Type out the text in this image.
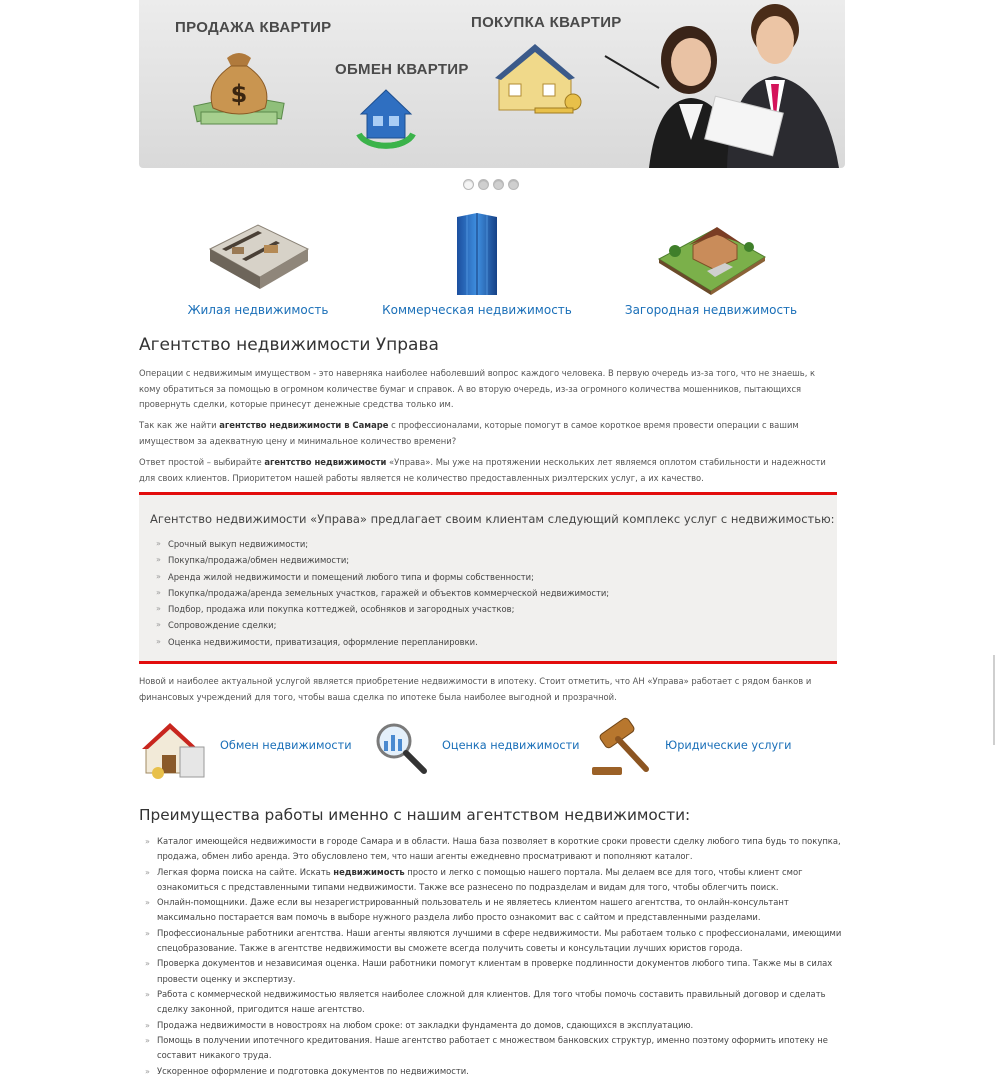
ПРОДАЖА КВАРТИР
ОБМЕН КВАРТИР
ПОКУПКА КВАРТИР
$
Жилая недвижимость	Коммерческая недвижимость	Загородная недвижимость
Агентство недвижимости Управа

Операции с недвижимым имуществом - это наверняка наиболее наболевший вопрос каждого человека. В первую очередь из-за того, что не знаешь, к кому обратиться за помощью в огромном количестве бумаг и справок. А во вторую очередь, из-за огромного количества мошенников, пытающихся провернуть сделки, которые принесут денежные средства только им.

Так как же найти агентство недвижимости в Самаре с профессионалами, которые помогут в самое короткое время провести операции с вашим имуществом за адекватную цену и минимальное количество времени?

Ответ простой – выбирайте агентство недвижимости «Управа». Мы уже на протяжении нескольких лет являемся оплотом стабильности и надежности для своих клиентов. Приоритетом нашей работы является не количество предоставленных риэлтерских услуг, а их качество.

Агентство недвижимости «Управа» предлагает своим клиентам следующий комплекс услуг с недвижимостью:
» Срочный выкуп недвижимости;
» Покупка/продажа/обмен недвижимости;
» Аренда жилой недвижимости и помещений любого типа и формы собственности;
» Покупка/продажа/аренда земельных участков, гаражей и объектов коммерческой недвижимости;
» Подбор, продажа или покупка коттеджей, особняков и загородных участков;
» Сопровождение сделки;
» Оценка недвижимости, приватизация, оформление перепланировки.

Новой и наиболее актуальной услугой является приобретение недвижимости в ипотеку. Стоит отметить, что АН «Управа» работает с рядом банков и финансовых учреждений для того, чтобы ваша сделка по ипотеке была наиболее выгодной и прозрачной.

Обмен недвижимости	Оценка недвижимости	Юридические услуги
Преимущества работы именно с нашим агентством недвижимости:
» Каталог имеющейся недвижимости в городе Самара и в области. Наша база позволяет в короткие сроки провести сделку любого типа будь то покупка, продажа, обмен либо аренда. Это обусловлено тем, что наши агенты ежедневно просматривают и пополняют каталог.
» Легкая форма поиска на сайте. Искать недвижимость просто и легко с помощью нашего портала. Мы делаем все для того, чтобы клиент смог ознакомиться с представленными типами недвижимости. Также все разнесено по подразделам и видам для того, чтобы облегчить поиск.
» Онлайн-помощники. Даже если вы незарегистрированный пользователь и не являетесь клиентом нашего агентства, то онлайн-консультант максимально постарается вам помочь в выборе нужного раздела либо просто ознакомит вас с сайтом и представленными разделами.
» Профессиональные работники агентства. Наши агенты являются лучшими в сфере недвижимости. Мы работаем только с профессионалами, имеющими спецобразование. Также в агентстве недвижимости вы сможете всегда получить советы и консультации лучших юристов города.
» Проверка документов и независимая оценка. Наши работники помогут клиентам в проверке подлинности документов любого типа. Также мы в силах провести оценку и экспертизу.
» Работа с коммерческой недвижимостью является наиболее сложной для клиентов. Для того чтобы помочь составить правильный договор и сделать сделку законной, пригодится наше агентство.
» Продажа недвижимости в новостроях на любом сроке: от закладки фундамента до домов, сдающихся в эксплуатацию.
» Помощь в получении ипотечного кредитования. Наше агентство работает с множеством банковских структур, именно поэтому оформить ипотеку не составит никакого труда.
» Ускоренное оформление и подготовка документов по недвижимости.
